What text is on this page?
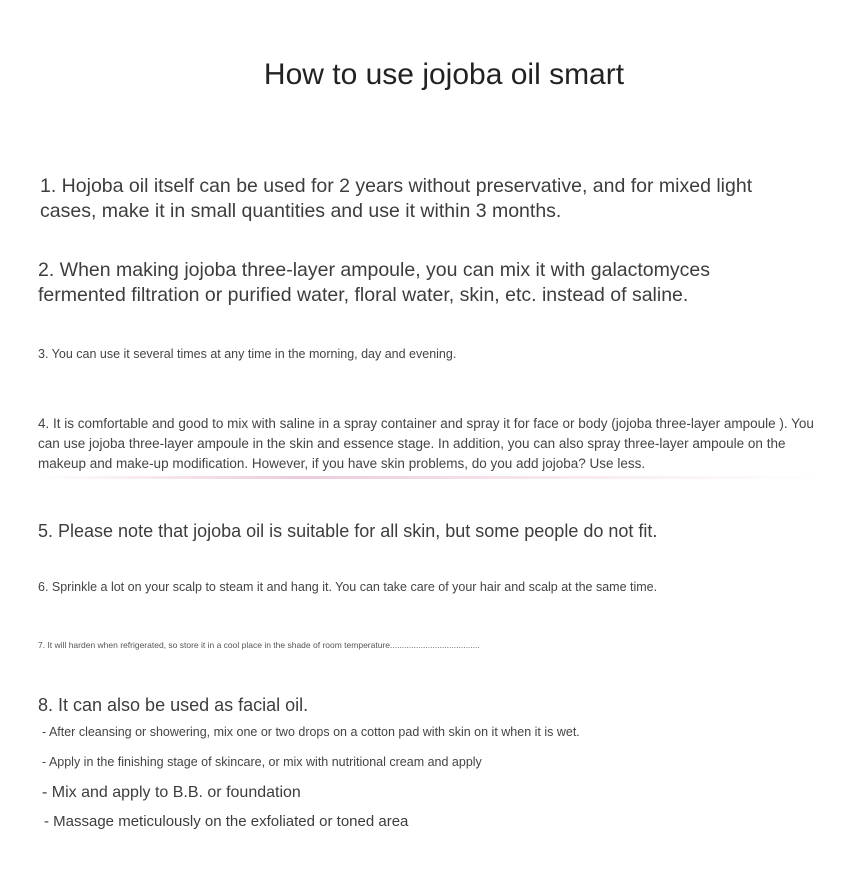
How to use jojoba oil smart

1. Hojoba oil itself can be used for 2 years without preservative, and for mixed light cases, make it in small quantities and use it within 3 months.

2. When making jojoba three-layer ampoule, you can mix it with galactomyces fermented filtration or purified water, floral water, skin, etc. instead of saline.

3. You can use it several times at any time in the morning, day and evening.

4. It is comfortable and good to mix with saline in a spray container and spray it for face or body (jojoba three-layer ampoule ). You can use jojoba three-layer ampoule in the skin and essence stage. In addition, you can also spray three-layer ampoule on the makeup and make-up modification. However, if you have skin problems, do you add jojoba? Use less.

5. Please note that jojoba oil is suitable for all skin, but some people do not fit.

6. Sprinkle a lot on your scalp to steam it and hang it. You can take care of your hair and scalp at the same time.

7. It will harden when refrigerated, so store it in a cool place in the shade of room temperature......................................

8. It can also be used as facial oil.

- After cleansing or showering, mix one or two drops on a cotton pad with skin on it when it is wet.

- Apply in the finishing stage of skincare, or mix with nutritional cream and apply

- Mix and apply to B.B. or foundation

- Massage meticulously on the exfoliated or toned area
